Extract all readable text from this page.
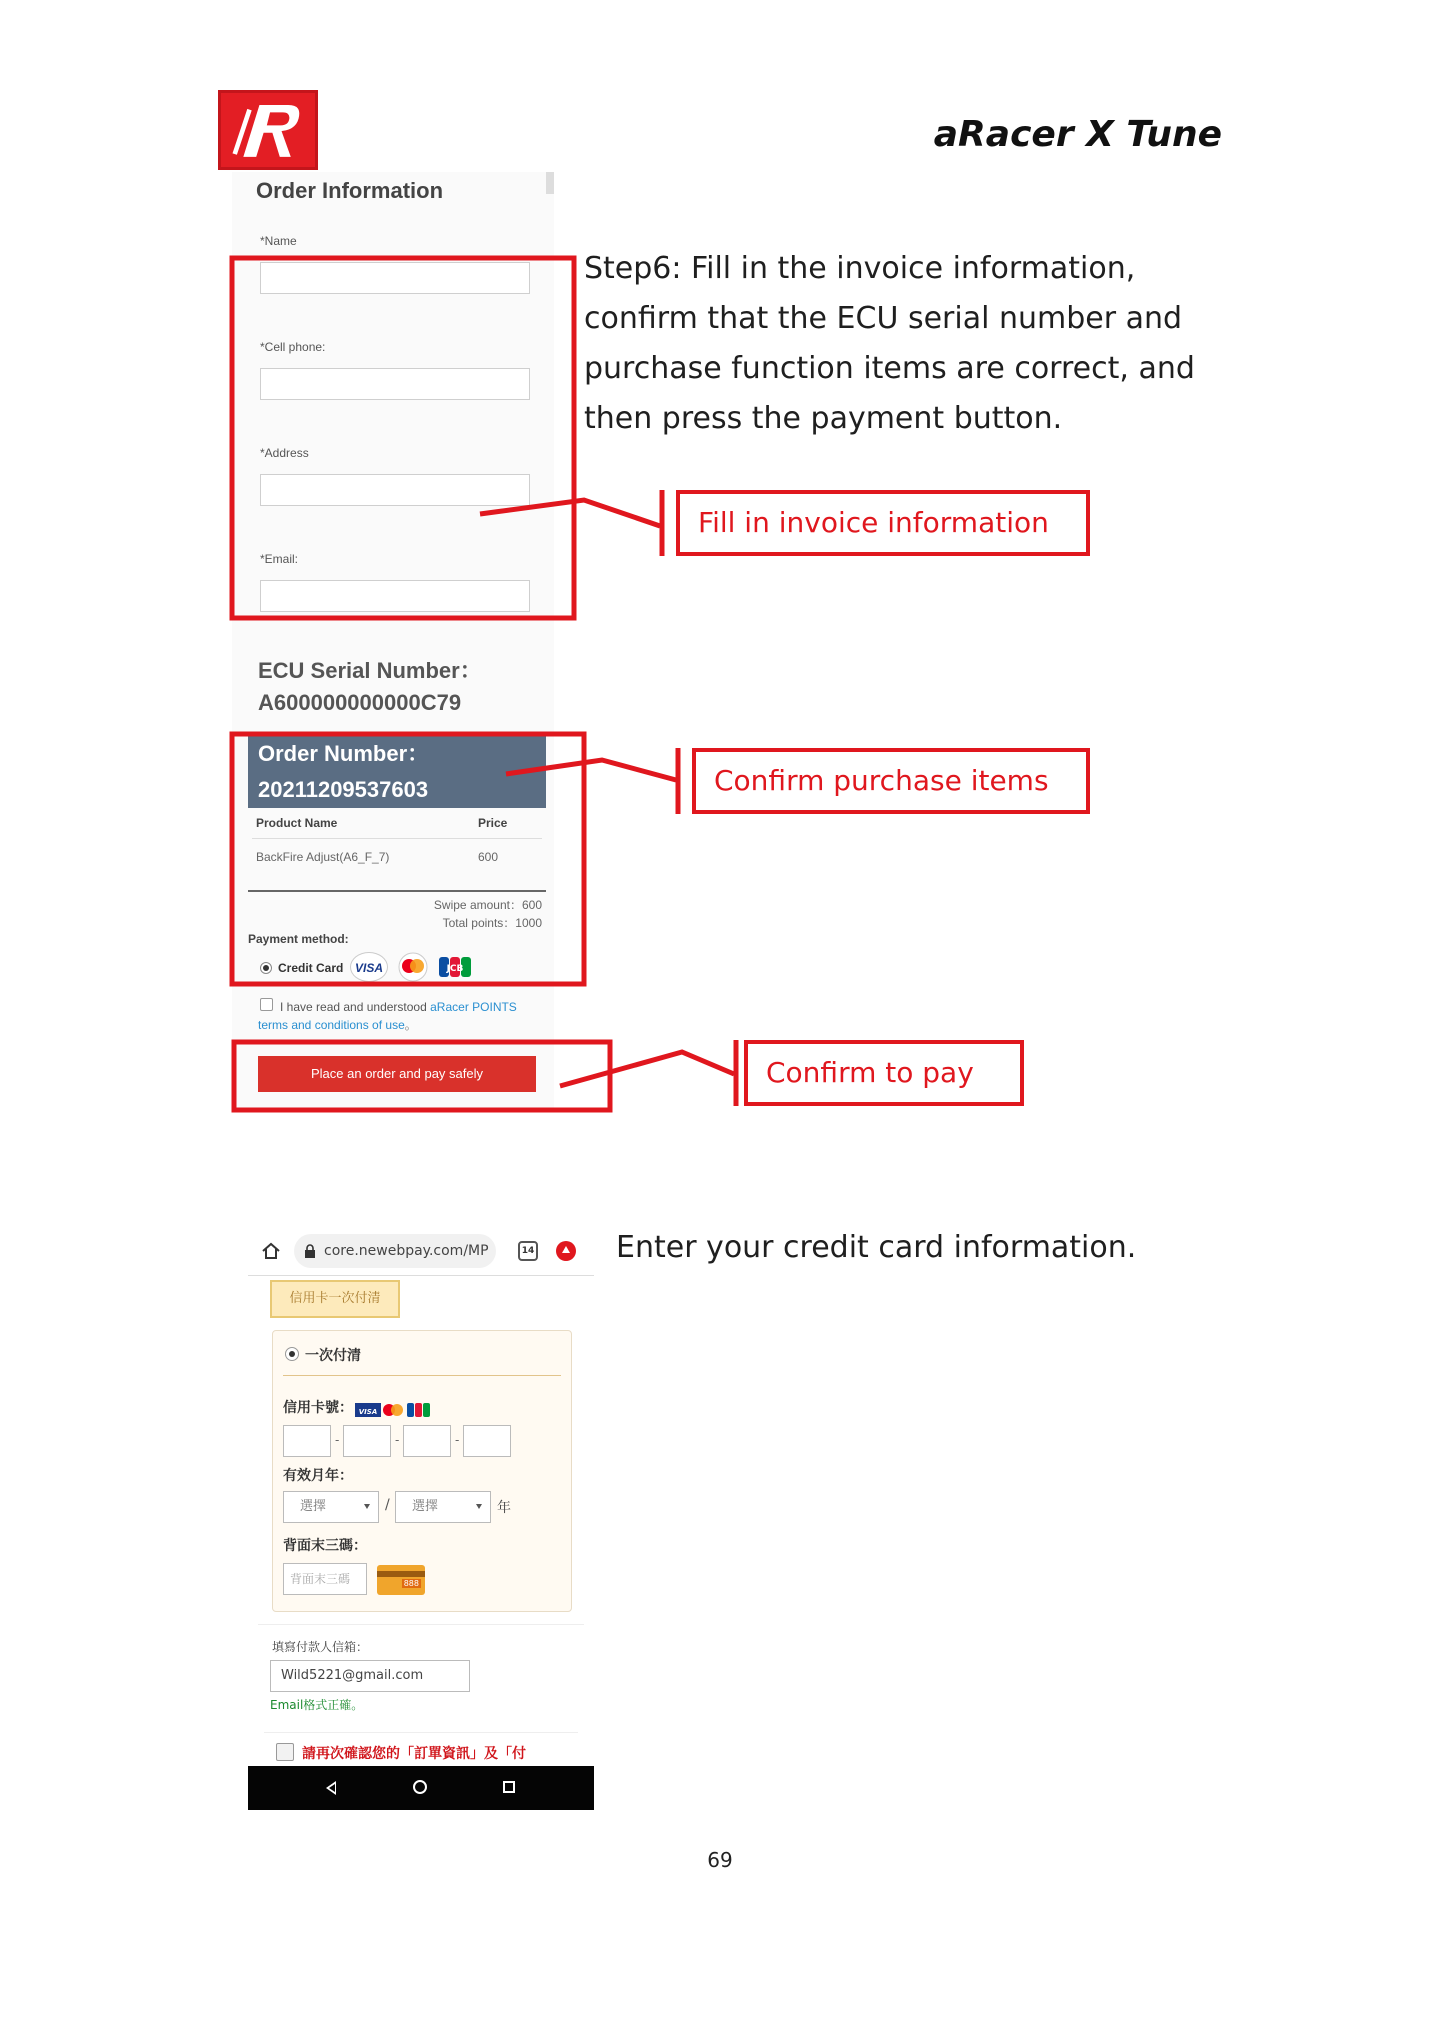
aRacer X Tune
Order Information
*Name
*Cell phone:
*Address
*Email:
ECU Serial Number：
A600000000000C79
Order Number：
20211209537603
Product Name	Price
BackFire Adjust(A6_F_7)	600
Swipe amount：600
Total points：1000
Payment method:
Credit Card VISA	JCB
I have read and understood aRacer POINTS terms and conditions of use。
Place an order and pay safely
Step6: Fill in the invoice information, confirm that the ECU serial number and purchase function items are correct, and then press the payment button.
Fill in invoice information
Confirm purchase items
Confirm to pay
Enter your credit card information.
core.newebpay.com/MP	14
信用卡一次付清
一次付清
信用卡號： VISA
-	-	-
有效月年：
選擇	/	選擇	年
背面末三碼：
背面末三碼
888
填寫付款人信箱：
Wild5221@gmail.com
Email格式正確。
請再次確認您的「訂單資訊」及「付
69
